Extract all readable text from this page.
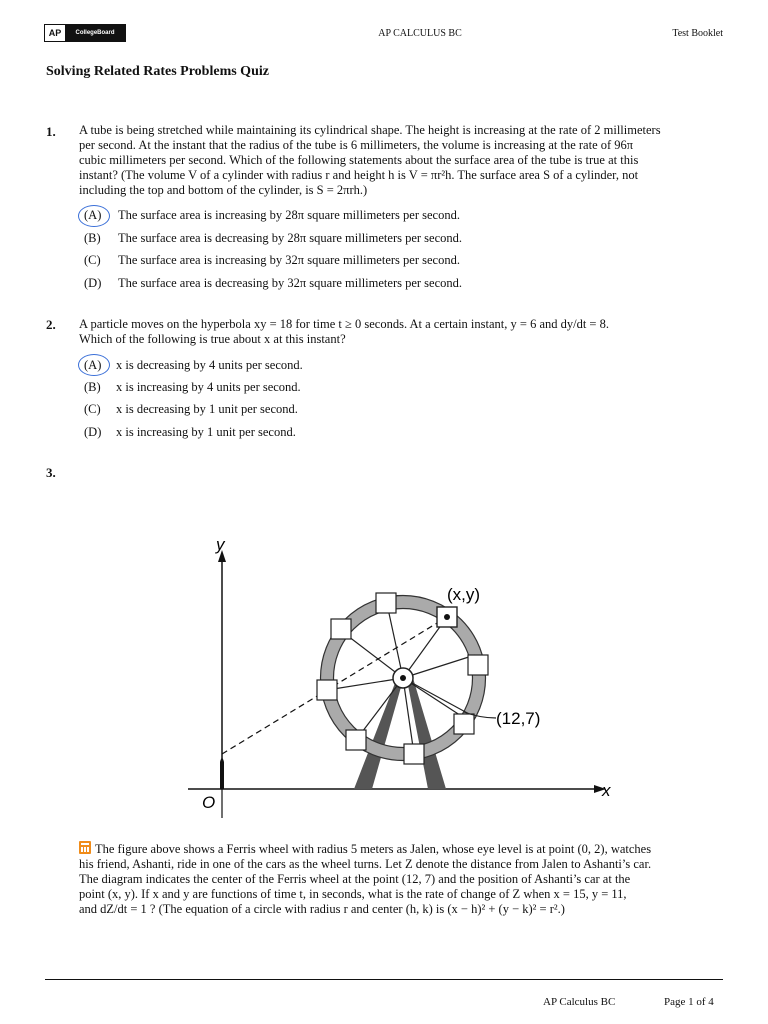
AP	CollegeBoard	AP CALCULUS BC	Test Booklet
Solving Related Rates Problems Quiz
1. A tube is being stretched while maintaining its cylindrical shape. The height is increasing at the rate of 2 millimeters
per second. At the instant that the radius of the tube is 6 millimeters, the volume is increasing at the rate of 96π
cubic millimeters per second. Which of the following statements about the surface area of the tube is true at this
instant? (The volume V of a cylinder with radius r and height h is V = πr²h. The surface area S of a cylinder, not
including the top and bottom of the cylinder, is S = 2πrh.)
(A) The surface area is increasing by 28π square millimeters per second.
(B) The surface area is decreasing by 28π square millimeters per second.
(C) The surface area is increasing by 32π square millimeters per second.
(D) The surface area is decreasing by 32π square millimeters per second.
2. A particle moves on the hyperbola xy = 18 for time t ≥ 0 seconds. At a certain instant, y = 6 and dy/dt = 8.
Which of the following is true about x at this instant?
(A) x is decreasing by 4 units per second.
(B) x is increasing by 4 units per second.
(C) x is decreasing by 1 unit per second.
(D) x is increasing by 1 unit per second.
3.
y
x
O
(x,y)
(12,7)
The figure above shows a Ferris wheel with radius 5 meters as Jalen, whose eye level is at point (0, 2), watches
his friend, Ashanti, ride in one of the cars as the wheel turns. Let Z denote the distance from Jalen to Ashanti’s car.
The diagram indicates the center of the Ferris wheel at the point (12, 7) and the position of Ashanti’s car at the
point (x, y). If x and y are functions of time t, in seconds, what is the rate of change of Z when x = 15, y = 11,
and dZ/dt = 1 ? (The equation of a circle with radius r and center (h, k) is (x − h)² + (y − k)² = r².)
AP Calculus BC	Page 1 of 4
